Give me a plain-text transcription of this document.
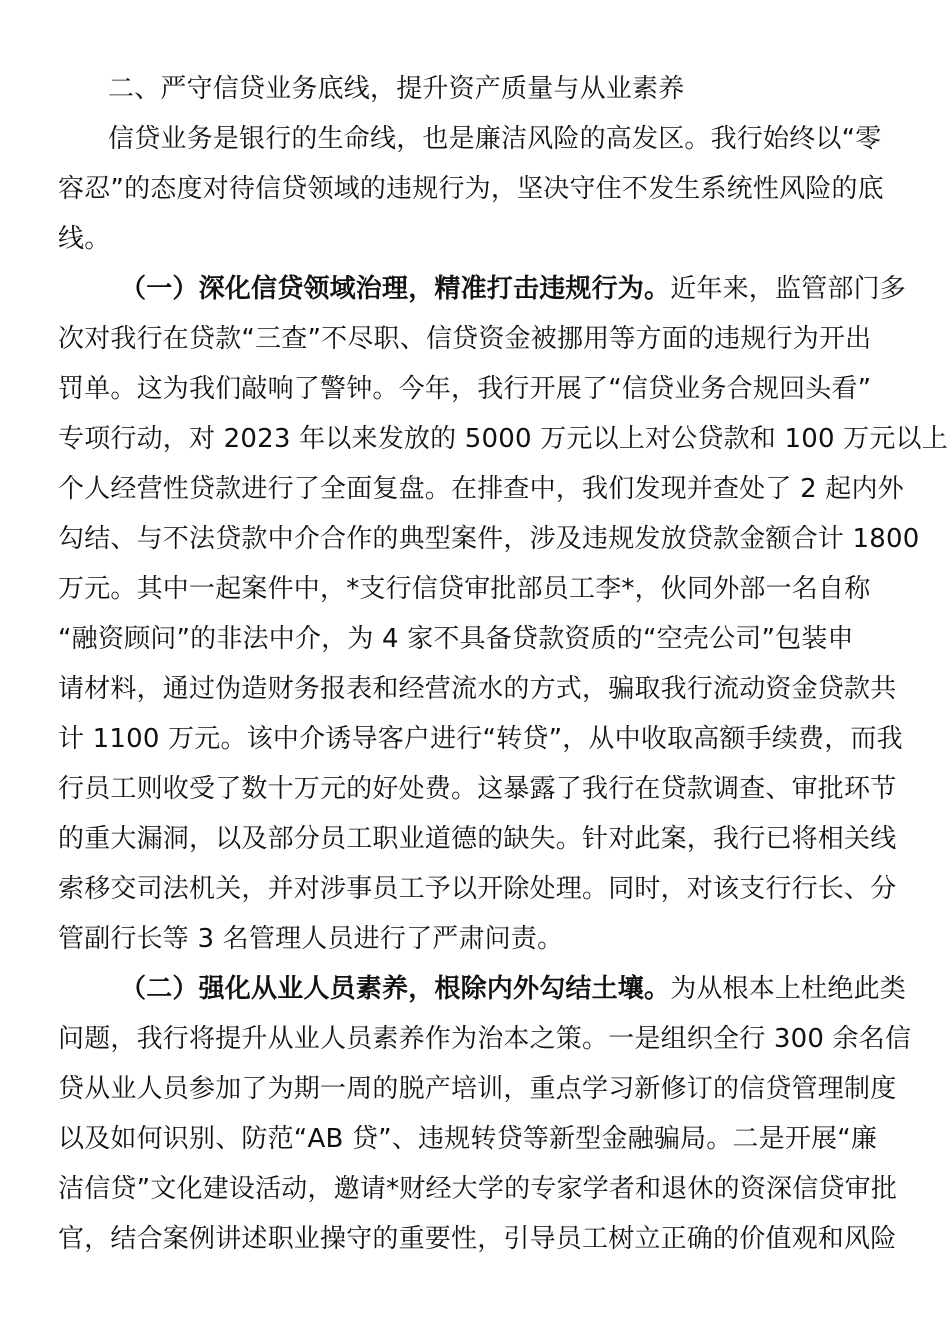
二、严守信贷业务底线，提升资产质量与从业素养
信贷业务是银行的生命线，也是廉洁风险的高发区。我行始终以“零
容忍”的态度对待信贷领域的违规行为，坚决守住不发生系统性风险的底
线。
（一）深化信贷领域治理，精准打击违规行为。近年来，监管部门多
次对我行在贷款“三查”不尽职、信贷资金被挪用等方面的违规行为开出
罚单。这为我们敲响了警钟。今年，我行开展了“信贷业务合规回头看”
专项行动，对 2023 年以来发放的 5000 万元以上对公贷款和 100 万元以上
个人经营性贷款进行了全面复盘。在排查中，我们发现并查处了 2 起内外
勾结、与不法贷款中介合作的典型案件，涉及违规发放贷款金额合计 1800
万元。其中一起案件中，*支行信贷审批部员工李*，伙同外部一名自称
“融资顾问”的非法中介，为 4 家不具备贷款资质的“空壳公司”包装申
请材料，通过伪造财务报表和经营流水的方式，骗取我行流动资金贷款共
计 1100 万元。该中介诱导客户进行“转贷”，从中收取高额手续费，而我
行员工则收受了数十万元的好处费。这暴露了我行在贷款调查、审批环节
的重大漏洞，以及部分员工职业道德的缺失。针对此案，我行已将相关线
索移交司法机关，并对涉事员工予以开除处理。同时，对该支行行长、分
管副行长等 3 名管理人员进行了严肃问责。
（二）强化从业人员素养，根除内外勾结土壤。为从根本上杜绝此类
问题，我行将提升从业人员素养作为治本之策。一是组织全行 300 余名信
贷从业人员参加了为期一周的脱产培训，重点学习新修订的信贷管理制度
以及如何识别、防范“AB 贷”、违规转贷等新型金融骗局。二是开展“廉
洁信贷”文化建设活动，邀请*财经大学的专家学者和退休的资深信贷审批
官，结合案例讲述职业操守的重要性，引导员工树立正确的价值观和风险
